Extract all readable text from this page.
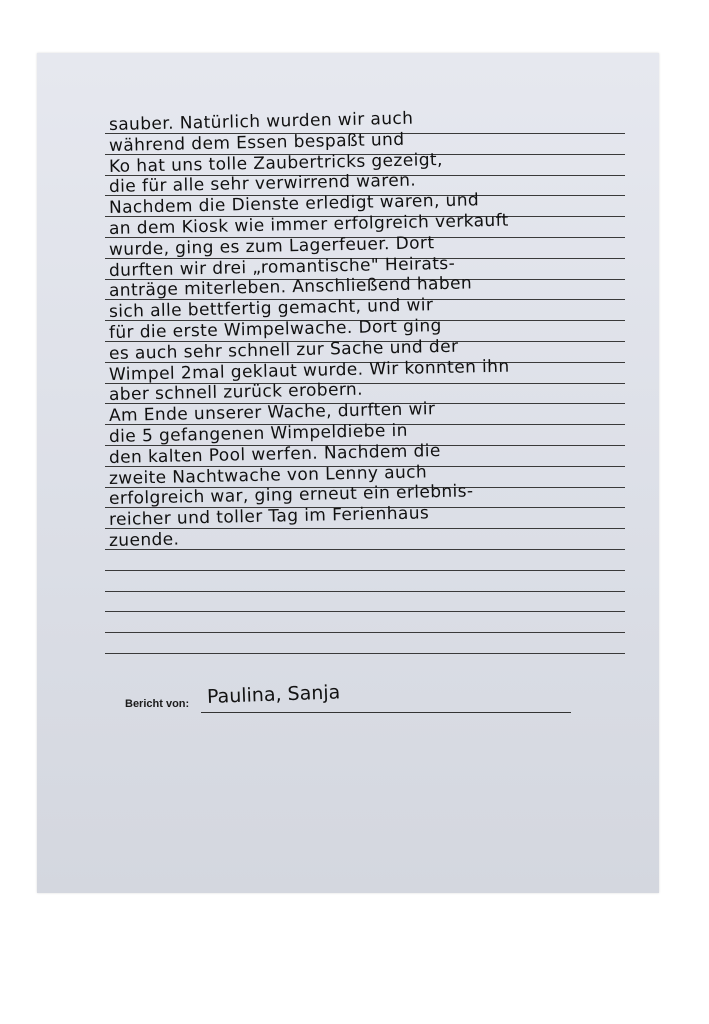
sauber. Natürlich wurden wir auch
während dem Essen bespaßt und
Ko hat uns tolle Zaubertricks gezeigt,
die für alle sehr verwirrend waren.
Nachdem die Dienste erledigt waren, und
an dem Kiosk wie immer erfolgreich verkauft
wurde, ging es zum Lagerfeuer. Dort
durften wir drei „romantische" Heirats-
anträge miterleben. Anschließend haben
sich alle bettfertig gemacht, und wir
für die erste Wimpelwache. Dort ging
es auch sehr schnell zur Sache und der
Wimpel 2mal geklaut wurde. Wir konnten ihn
aber schnell zurück erobern.
Am Ende unserer Wache, durften wir
die 5 gefangenen Wimpeldiebe in
den kalten Pool werfen. Nachdem die
zweite Nachtwache von Lenny auch
erfolgreich war, ging erneut ein erlebnis-
reicher und toller Tag im Ferienhaus
zuende.
Bericht von: Paulina, Sanja
